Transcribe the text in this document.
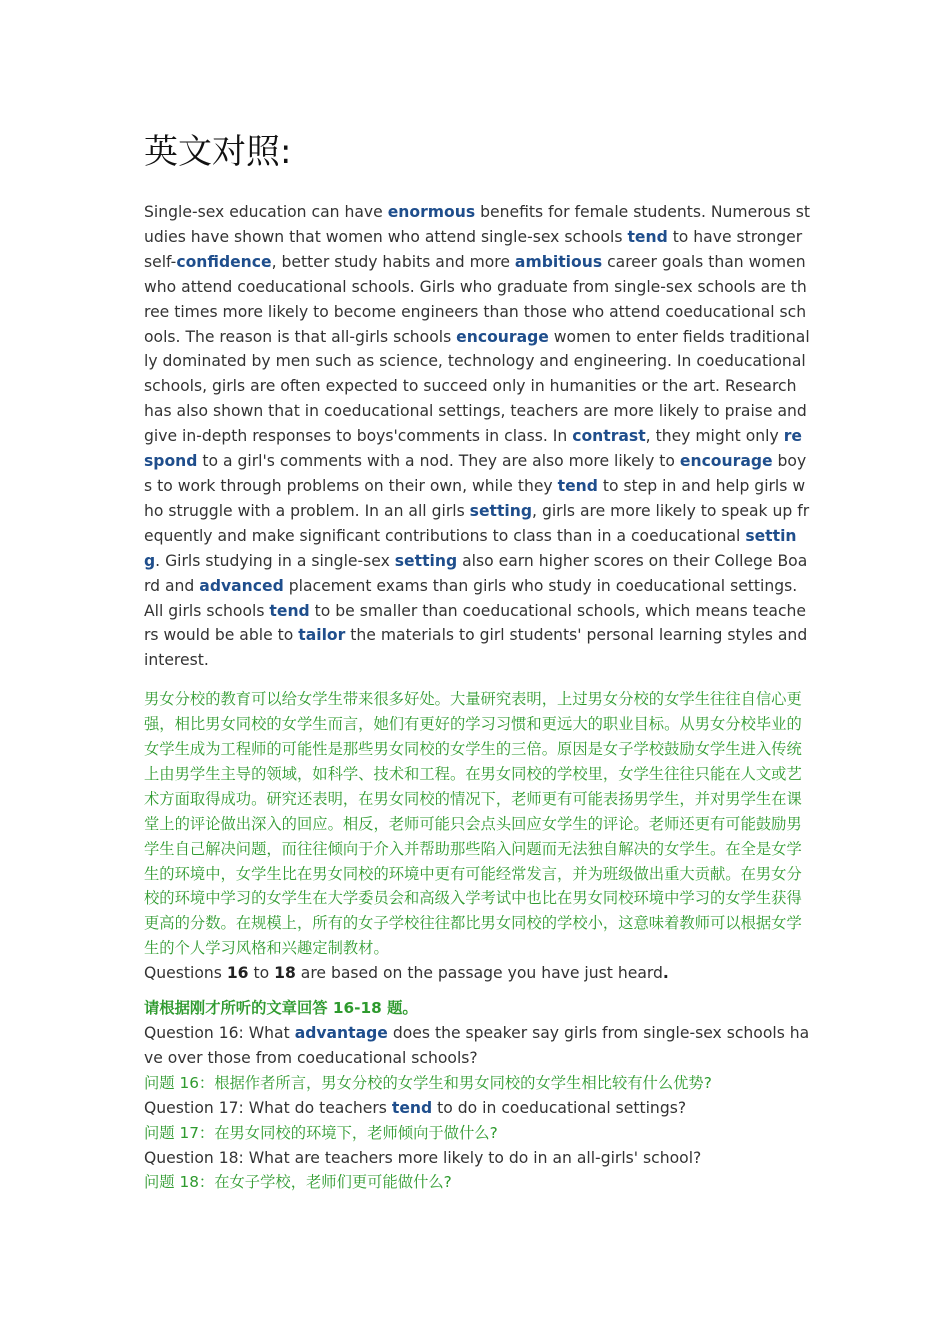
英文对照:

Single-sex education can have enormous benefits for female students. Numerous studies have shown that women who attend single-sex schools tend to have stronger self-confidence, better study habits and more ambitious career goals than women who attend coeducational schools. Girls who graduate from single-sex schools are three times more likely to become engineers than those who attend coeducational schools. The reason is that all-girls schools encourage women to enter fields traditionally dominated by men such as science, technology and engineering. In coeducational schools, girls are often expected to succeed only in humanities or the art. Research has also shown that in coeducational settings, teachers are more likely to praise and give in-depth responses to boys'comments in class. In contrast, they might only respond to a girl's comments with a nod. They are also more likely to encourage boys to work through problems on their own, while they tend to step in and help girls who struggle with a problem. In an all girls setting, girls are more likely to speak up frequently and make significant contributions to class than in a coeducational setting. Girls studying in a single-sex setting also earn higher scores on their College Board and advanced placement exams than girls who study in coeducational settings. All girls schools tend to be smaller than coeducational schools, which means teachers would be able to tailor the materials to girl students' personal learning styles and interest.

男女分校的教育可以给女学生带来很多好处。大量研究表明，上过男女分校的女学生往往自信心更强，相比男女同校的女学生而言，她们有更好的学习习惯和更远大的职业目标。从男女分校毕业的女学生成为工程师的可能性是那些男女同校的女学生的三倍。原因是女子学校鼓励女学生进入传统上由男学生主导的领域，如科学、技术和工程。在男女同校的学校里，女学生往往只能在人文或艺术方面取得成功。研究还表明，在男女同校的情况下，老师更有可能表扬男学生，并对男学生在课堂上的评论做出深入的回应。相反，老师可能只会点头回应女学生的评论。老师还更有可能鼓励男学生自己解决问题，而往往倾向于介入并帮助那些陷入问题而无法独自解决的女学生。在全是女学生的环境中，女学生比在男女同校的环境中更有可能经常发言，并为班级做出重大贡献。在男女分校的环境中学习的女学生在大学委员会和高级入学考试中也比在男女同校环境中学习的女学生获得更高的分数。在规模上，所有的女子学校往往都比男女同校的学校小，这意味着教师可以根据女学生的个人学习风格和兴趣定制教材。

Questions 16 to 18 are based on the passage you have just heard.

请根据刚才所听的文章回答 16-18 题。

Question 16: What advantage does the speaker say girls from single-sex schools have over those from coeducational schools?

问题 16：根据作者所言，男女分校的女学生和男女同校的女学生相比较有什么优势?

Question 17: What do teachers tend to do in coeducational settings?

问题 17：在男女同校的环境下，老师倾向于做什么?

Question 18: What are teachers more likely to do in an all-girls' school?

问题 18：在女子学校，老师们更可能做什么?
